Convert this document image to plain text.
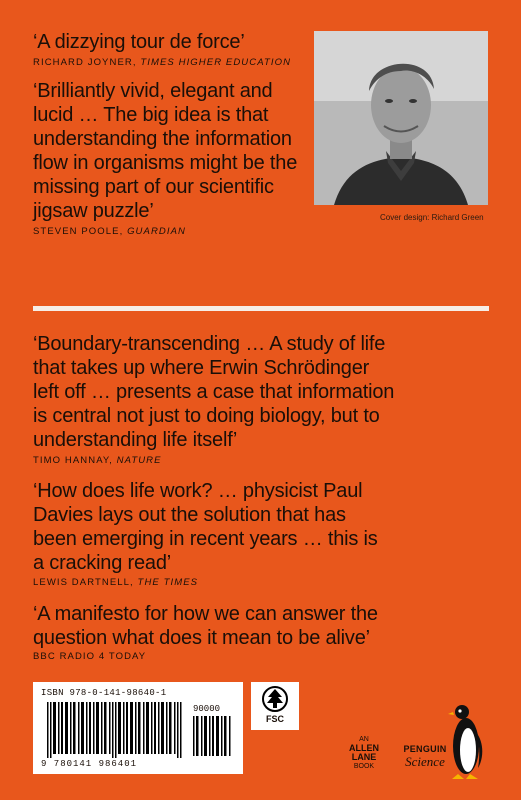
‘A dizzying tour de force’

RICHARD JOYNER, TIMES HIGHER EDUCATION

‘Brilliantly vivid, elegant and
lucid … The big idea is that
understanding the information
flow in organisms might be the
missing part of our scientific
jigsaw puzzle’

STEVEN POOLE, GUARDIAN

Cover design: Richard Green
‘Boundary-transcending … A study of life
that takes up where Erwin Schrödinger
left off … presents a case that information
is central not just to doing biology, but to
understanding life itself’

TIMO HANNAY, NATURE

‘How does life work? … physicist Paul
Davies lays out the solution that has
been emerging in recent years … this is
a cracking read’

LEWIS DARTNELL, THE TIMES

‘A manifesto for how we can answer the
question what does it mean to be alive’

BBC RADIO 4 TODAY

ISBN 978-0-141-98640-1
90000
9 780141 986401
FSC
AN
ALLEN
LANE
BOOK
PENGUIN
Science
